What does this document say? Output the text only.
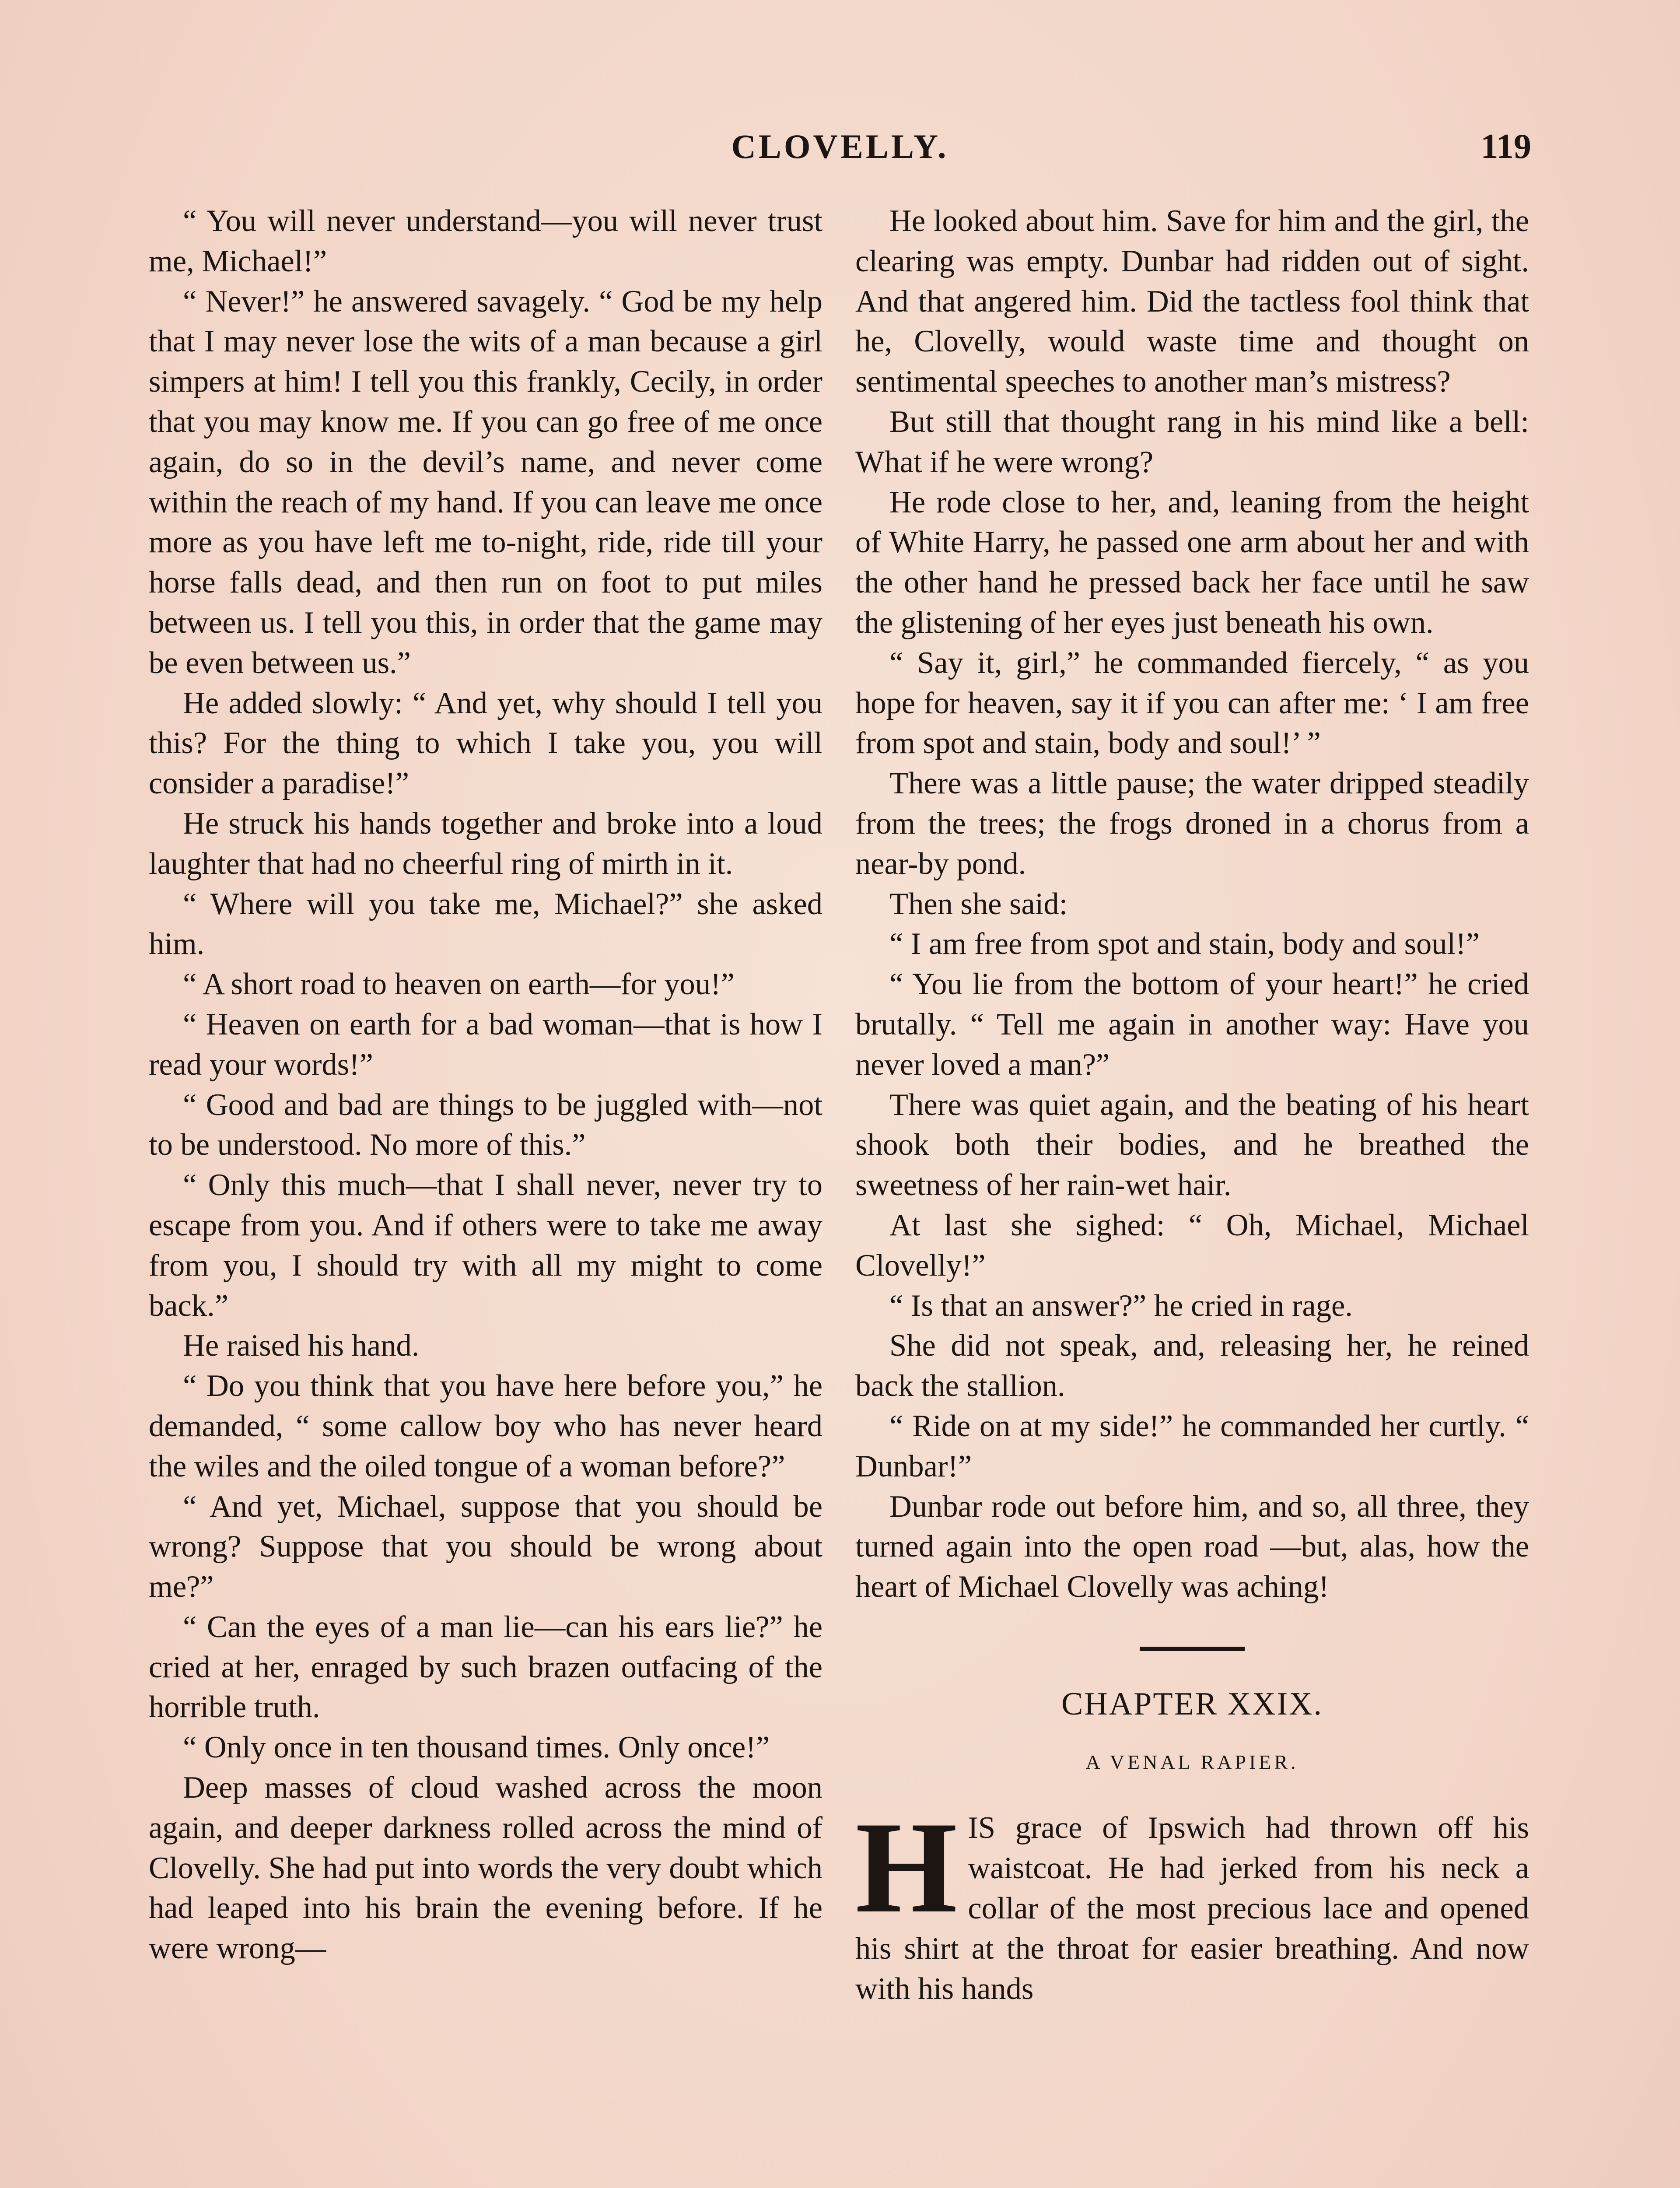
CLOVELLY.	119

“ You will never understand—you will never trust me, Michael!”

“ Never!” he answered savagely. “ God be my help that I may never lose the wits of a man because a girl simpers at him! I tell you this frankly, Cecily, in order that you may know me. If you can go free of me once again, do so in the devil’s name, and never come within the reach of my hand. If you can leave me once more as you have left me to-night, ride, ride till your horse falls dead, and then run on foot to put miles between us. I tell you this, in order that the game may be even between us.”

He added slowly: “ And yet, why should I tell you this? For the thing to which I take you, you will consider a paradise!”

He struck his hands together and broke into a loud laughter that had no cheerful ring of mirth in it.

“ Where will you take me, Michael?” she asked him.

“ A short road to heaven on earth—for you!”

“ Heaven on earth for a bad woman—that is how I read your words!”

“ Good and bad are things to be juggled with—not to be understood. No more of this.”

“ Only this much—that I shall never, never try to escape from you. And if others were to take me away from you, I should try with all my might to come back.”

He raised his hand.

“ Do you think that you have here before you,” he demanded, “ some callow boy who has never heard the wiles and the oiled tongue of a woman before?”

“ And yet, Michael, suppose that you should be wrong? Suppose that you should be wrong about me?”

“ Can the eyes of a man lie—can his ears lie?” he cried at her, enraged by such brazen outfacing of the horrible truth.

“ Only once in ten thousand times. Only once!”

Deep masses of cloud washed across the moon again, and deeper darkness rolled across the mind of Clovelly. She had put into words the very doubt which had leaped into his brain the evening before. If he were wrong—

He looked about him. Save for him and the girl, the clearing was empty. Dunbar had ridden out of sight. And that angered him. Did the tactless fool think that he, Clovelly, would waste time and thought on sentimental speeches to another man’s mistress?

But still that thought rang in his mind like a bell: What if he were wrong?

He rode close to her, and, leaning from the height of White Harry, he passed one arm about her and with the other hand he pressed back her face until he saw the glistening of her eyes just beneath his own.

“ Say it, girl,” he commanded fiercely, “ as you hope for heaven, say it if you can after me: ‘ I am free from spot and stain, body and soul!’ ”

There was a little pause; the water dripped steadily from the trees; the frogs droned in a chorus from a near-by pond.

Then she said:

“ I am free from spot and stain, body and soul!”

“ You lie from the bottom of your heart!” he cried brutally. “ Tell me again in another way: Have you never loved a man?”

There was quiet again, and the beating of his heart shook both their bodies, and he breathed the sweetness of her rain-wet hair.

At last she sighed: “ Oh, Michael, Michael Clovelly!”

“ Is that an answer?” he cried in rage.

She did not speak, and, releasing her, he reined back the stallion.

“ Ride on at my side!” he commanded her curtly. “ Dunbar!”

Dunbar rode out before him, and so, all three, they turned again into the open road —but, alas, how the heart of Michael Clovelly was aching!

CHAPTER XXIX.
A VENAL RAPIER.

HIS grace of Ipswich had thrown off his waistcoat. He had jerked from his neck a collar of the most precious lace and opened his shirt at the throat for easier breathing. And now with his hands
